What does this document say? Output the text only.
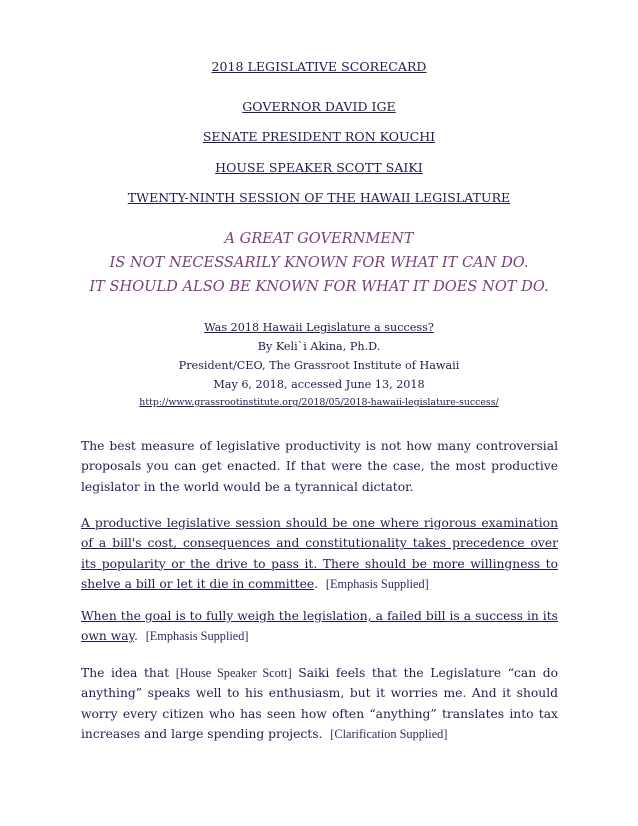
2018 LEGISLATIVE SCORECARD
GOVERNOR DAVID IGE
SENATE PRESIDENT RON KOUCHI
HOUSE SPEAKER SCOTT SAIKI
TWENTY-NINTH SESSION OF THE HAWAII LEGISLATURE
A GREAT GOVERNMENT
IS NOT NECESSARILY KNOWN FOR WHAT IT CAN DO.
IT SHOULD ALSO BE KNOWN FOR WHAT IT DOES NOT DO.
Was 2018 Hawaii Legislature a success?
By Keli`i Akina, Ph.D.
President/CEO, The Grassroot Institute of Hawaii
May 6, 2018, accessed June 13, 2018
http://www.grassrootinstitute.org/2018/05/2018-hawaii-legislature-success/

The best measure of legislative productivity is not how many controversial proposals you can get enacted. If that were the case, the most productive legislator in the world would be a tyrannical dictator.

A productive legislative session should be one where rigorous examination of a bill's cost, consequences and constitutionality takes precedence over its popularity or the drive to pass it. There should be more willingness to shelve a bill or let it die in committee. [Emphasis Supplied]

When the goal is to fully weigh the legislation, a failed bill is a success in its own way. [Emphasis Supplied]

The idea that [House Speaker Scott] Saiki feels that the Legislature “can do anything” speaks well to his enthusiasm, but it worries me. And it should worry every citizen who has seen how often “anything” translates into tax increases and large spending projects. [Clarification Supplied]
